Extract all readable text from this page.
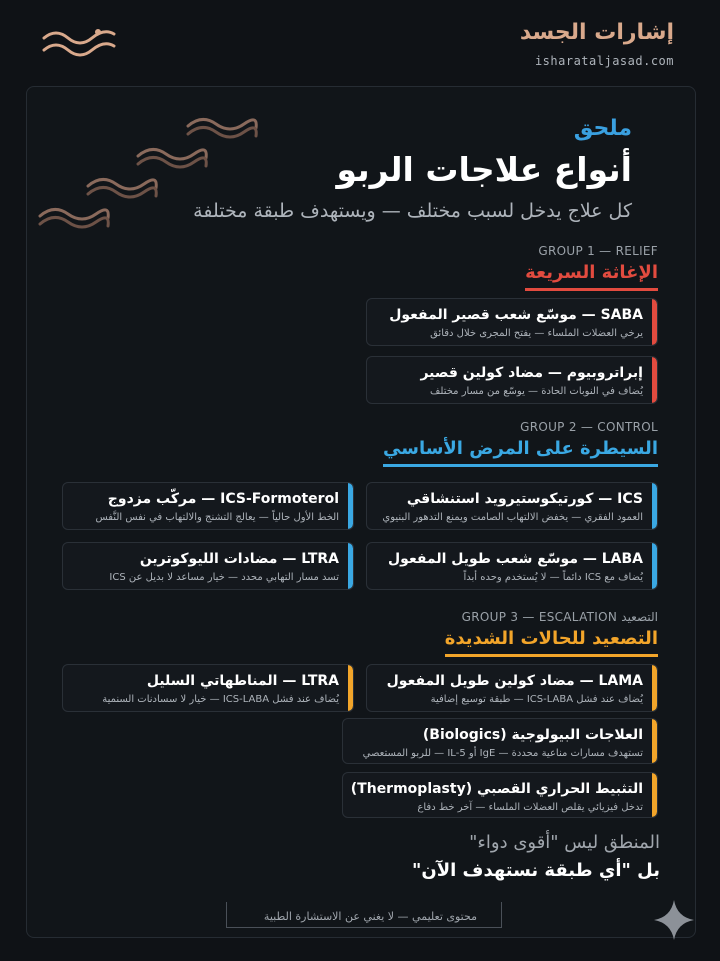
إشارات الجسد
isharataljasad.com
ملحق
أنواع علاجات الربو
كل علاج يدخل لسبب مختلف — ويستهدف طبقة مختلفة
GROUP 1 — RELIEF
الإغاثة السريعة
SABA — موسّع شعب قصير المفعول
يرخي العضلات الملساء — يفتح المجرى خلال دقائق
إبراتروبيوم — مضاد كولين قصير
يُضاف في النوبات الحادة — يوسّع من مسار مختلف
GROUP 2 — CONTROL
السيطرة على المرض الأساسي
ICS — كورتيكوستيرويد استنشاقي
العمود الفقري — يخفض الالتهاب الصامت ويمنع التدهور البنيوي
ICS-Formoterol — مركّب مزدوج
الخط الأول حالياً — يعالج التشنج والالتهاب في نفس النَّفس
LABA — موسّع شعب طويل المفعول
يُضاف مع ICS دائماً — لا يُستخدم وحده أبداً
LTRA — مضادات الليوكوترين
تسد مسار التهابي محدد — خيار مساعد لا بديل عن ICS
GROUP 3 — ESCALATION التصعيد
التصعيد للحالات الشديدة
LAMA — مضاد كولين طويل المفعول
يُضاف عند فشل ICS-LABA — طبقة توسيع إضافية
LTRA — المناطهاتي السليل
يُضاف عند فشل ICS-LABA — خيار لا سسادنات السنمية
العلاجات البيولوجية (Biologics)
تستهدف مسارات مناعية محددة — IgE أو IL-5 — للربو المستعصي
التثبيط الحراري القصبي (Thermoplasty)
تدخل فيزيائي يقلص العضلات الملساء — آخر خط دفاع
المنطق ليس "أقوى دواء"
بل "أي طبقة نستهدف الآن"
محتوى تعليمي — لا يغني عن الاستشارة الطبية
